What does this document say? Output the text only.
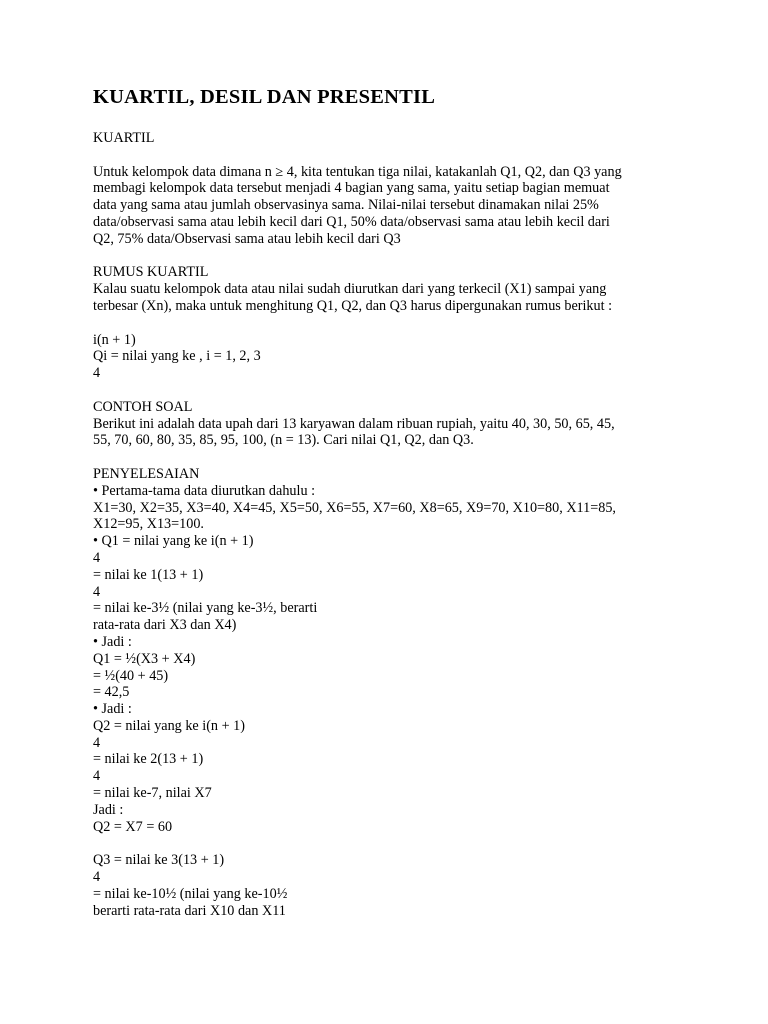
KUARTIL, DESIL DAN PRESENTIL
KUARTIL
Untuk kelompok data dimana n ≥ 4, kita tentukan tiga nilai, katakanlah Q1, Q2, dan Q3 yang
membagi kelompok data tersebut menjadi 4 bagian yang sama, yaitu setiap bagian memuat
data yang sama atau jumlah observasinya sama. Nilai-nilai tersebut dinamakan nilai 25%
data/observasi sama atau lebih kecil dari Q1, 50% data/observasi sama atau lebih kecil dari
Q2, 75% data/Observasi sama atau lebih kecil dari Q3
RUMUS KUARTIL
Kalau suatu kelompok data atau nilai sudah diurutkan dari yang terkecil (X1) sampai yang
terbesar (Xn), maka untuk menghitung Q1, Q2, dan Q3 harus dipergunakan rumus berikut :
i(n + 1)
Qi = nilai yang ke , i = 1, 2, 3
4
CONTOH SOAL
Berikut ini adalah data upah dari 13 karyawan dalam ribuan rupiah, yaitu 40, 30, 50, 65, 45,
55, 70, 60, 80, 35, 85, 95, 100, (n = 13). Cari nilai Q1, Q2, dan Q3.
PENYELESAIAN
• Pertama-tama data diurutkan dahulu :
X1=30, X2=35, X3=40, X4=45, X5=50, X6=55, X7=60, X8=65, X9=70, X10=80, X11=85,
X12=95, X13=100.
• Q1 = nilai yang ke i(n + 1)
4
= nilai ke 1(13 + 1)
4
= nilai ke-3½ (nilai yang ke-3½, berarti
rata-rata dari X3 dan X4)
• Jadi :
Q1 = ½(X3 + X4)
= ½(40 + 45)
= 42,5
• Jadi :
Q2 = nilai yang ke i(n + 1)
4
= nilai ke 2(13 + 1)
4
= nilai ke-7, nilai X7
Jadi :
Q2 = X7 = 60
Q3 = nilai ke 3(13 + 1)
4
= nilai ke-10½ (nilai yang ke-10½
berarti rata-rata dari X10 dan X11
